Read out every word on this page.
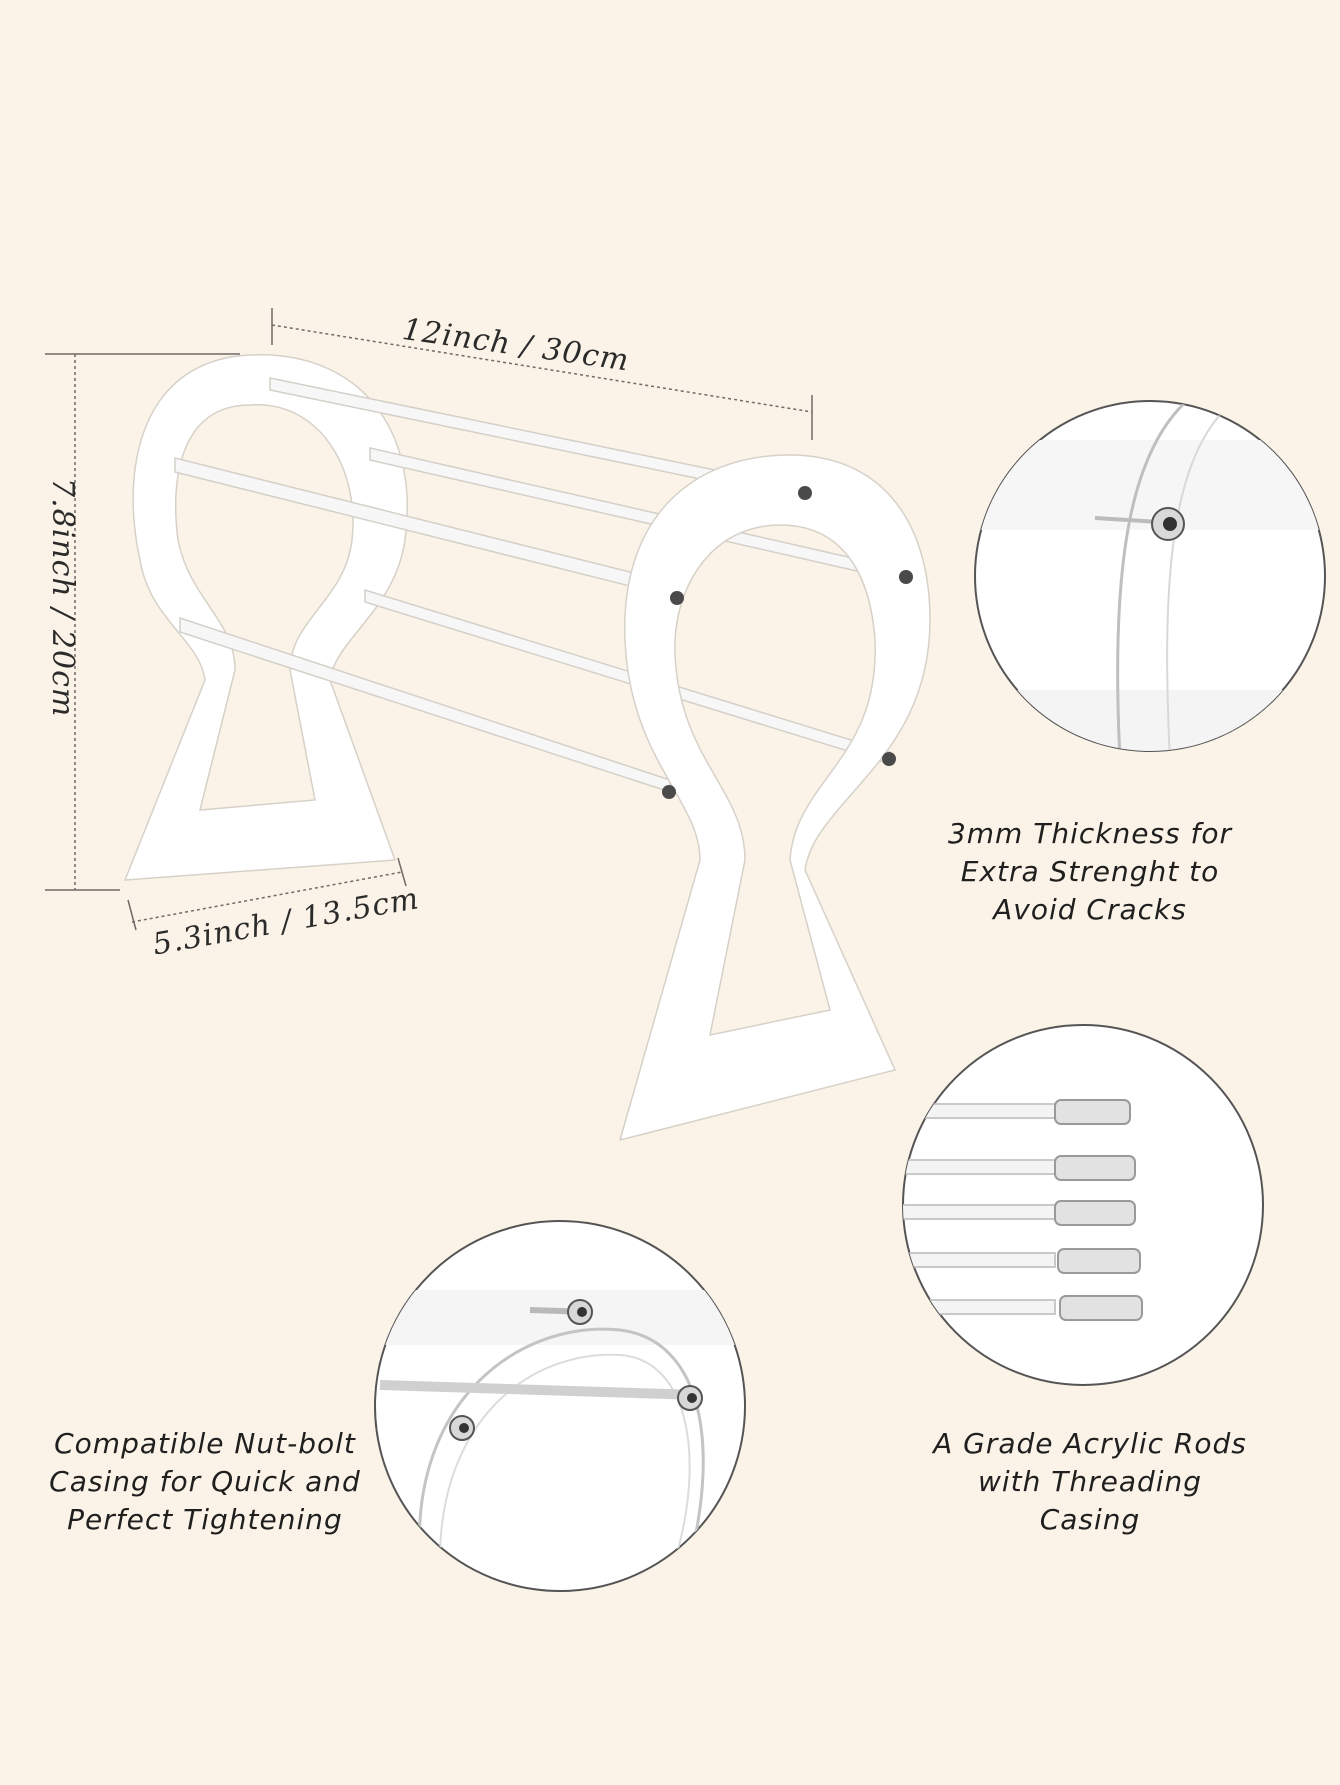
12inch / 30cm
7.8inch / 20cm
5.3inch / 13.5cm
3mm Thickness for
Extra Strenght to
Avoid Cracks
Compatible Nut-bolt
Casing for Quick and
Perfect Tightening
A Grade Acrylic Rods
with Threading
Casing
